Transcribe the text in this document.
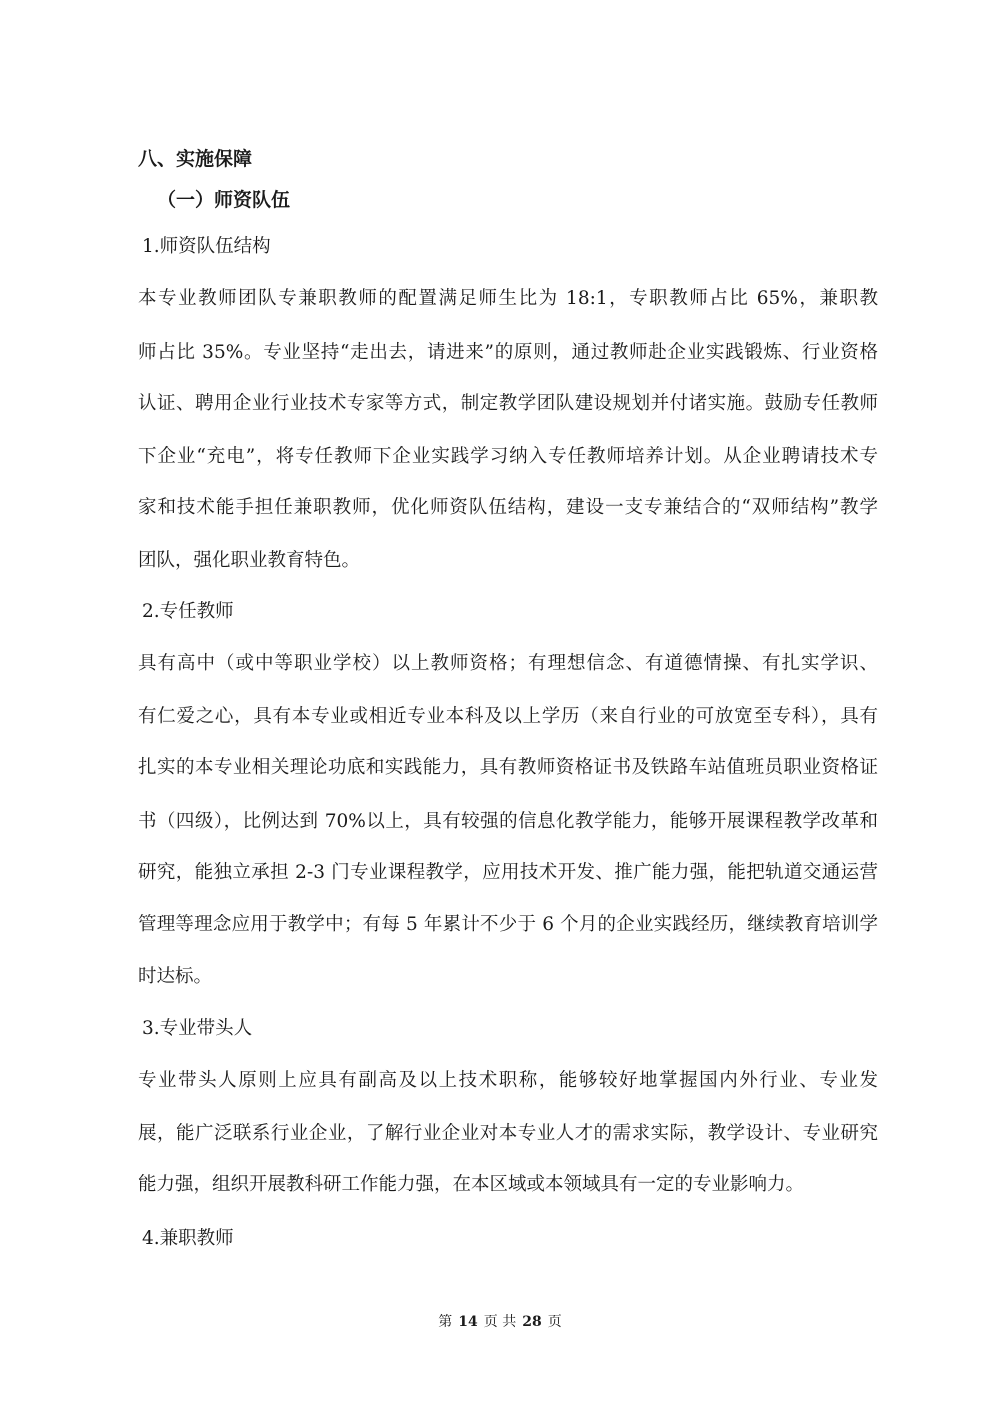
八、实施保障
（一）师资队伍
1.师资队伍结构
本专业教师团队专兼职教师的配置满足师生比为 18:1，专职教师占比 65%，兼职教
师占比 35%。专业坚持“走出去，请进来”的原则，通过教师赴企业实践锻炼、行业资格
认证、聘用企业行业技术专家等方式，制定教学团队建设规划并付诸实施。鼓励专任教师
下企业“充电”，将专任教师下企业实践学习纳入专任教师培养计划。从企业聘请技术专
家和技术能手担任兼职教师，优化师资队伍结构，建设一支专兼结合的“双师结构”教学
团队，强化职业教育特色。
2.专任教师
具有高中（或中等职业学校）以上教师资格；有理想信念、有道德情操、有扎实学识、
有仁爱之心，具有本专业或相近专业本科及以上学历（来自行业的可放宽至专科），具有
扎实的本专业相关理论功底和实践能力，具有教师资格证书及铁路车站值班员职业资格证
书（四级），比例达到 70%以上，具有较强的信息化教学能力，能够开展课程教学改革和
研究，能独立承担 2-3 门专业课程教学，应用技术开发、推广能力强，能把轨道交通运营
管理等理念应用于教学中；有每 5 年累计不少于 6 个月的企业实践经历，继续教育培训学
时达标。
3.专业带头人
专业带头人原则上应具有副高及以上技术职称，能够较好地掌握国内外行业、专业发
展，能广泛联系行业企业，了解行业企业对本专业人才的需求实际，教学设计、专业研究
能力强，组织开展教科研工作能力强，在本区域或本领域具有一定的专业影响力。
4.兼职教师
第 14 页 共 28 页
